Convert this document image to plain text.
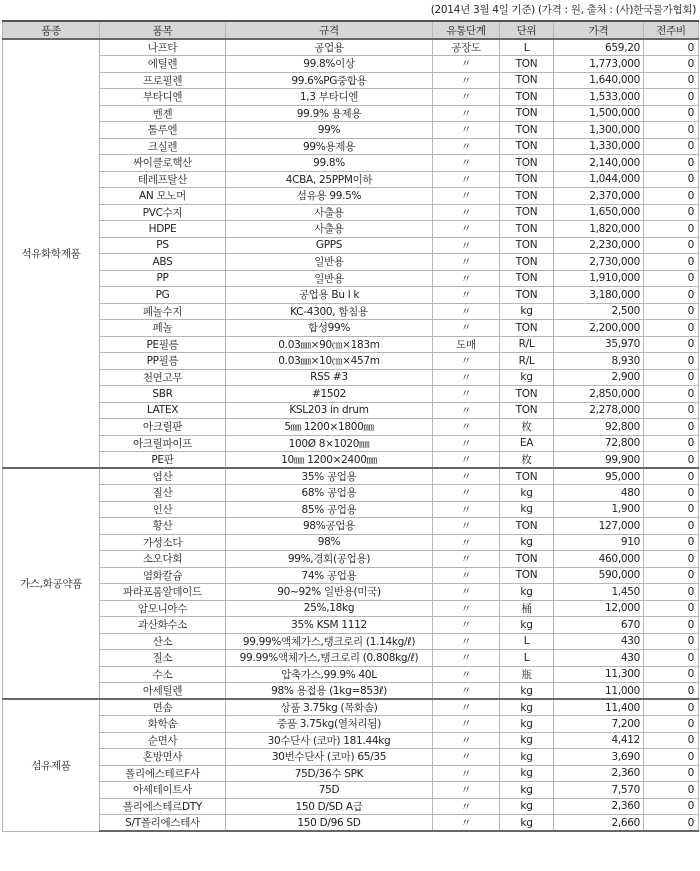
(2014년 3월 4일 기준) (가격 : 원, 출처 : (사)한국물가협회)
품종	품목	규격	유통단계	단위	가격	전주비
석유화학제품	나프타	공업용	공장도	L	659,20	0
	에틸렌	99.8%이상	〃	TON	1,773,000	0
	프로필렌	99.6%PG중합용	〃	TON	1,640,000	0
	부타디엔	1,3 부타디엔	〃	TON	1,533,000	0
	벤젠	99.9% 용제용	〃	TON	1,500,000	0
	톨루엔	99%	〃	TON	1,300,000	0
	크실렌	99%용제용	〃	TON	1,330,000	0
	싸이클로핵산	99.8%	〃	TON	2,140,000	0
	테레프탈산	4CBA, 25PPM이하	〃	TON	1,044,000	0
	AN 모노머	섬유용 99.5%	〃	TON	2,370,000	0
	PVC수지	사출용	〃	TON	1,650,000	0
	HDPE	사출용	〃	TON	1,820,000	0
	PS	GPPS	〃	TON	2,230,000	0
	ABS	일반용	〃	TON	2,730,000	0
	PP	일반용	〃	TON	1,910,000	0
	PG	공업용 Bu l k	〃	TON	3,180,000	0
	페놀수지	KC-4300, 함침용	〃	kg	2,500	0
	페놀	합성99%	〃	TON	2,200,000	0
	PE필름	0.03㎜×90㎝×183m	도매	R/L	35,970	0
	PP필름	0.03㎜×10㎝×457m	〃	R/L	8,930	0
	천연고무	RSS #3	〃	kg	2,900	0
	SBR	#1502	〃	TON	2,850,000	0
	LATEX	KSL203 in drum	〃	TON	2,278,000	0
	아크릴판	5㎜ 1200×1800㎜	〃	枚	92,800	0
	아크릴파이프	100Ø 8×1020㎜	〃	EA	72,800	0
	PE판	10㎜ 1200×2400㎜	〃	枚	99,900	0
가스,화공약품	염산	35% 공업용	〃	TON	95,000	0
	질산	68% 공업용	〃	kg	480	0
	인산	85% 공업용	〃	kg	1,900	0
	황산	98%공업용	〃	TON	127,000	0
	가성소다	98%	〃	kg	910	0
	소오다회	99%,경회(공업용)	〃	TON	460,000	0
	염화칼슘	74% 공업용	〃	TON	590,000	0
	파라포롬알데이드	90~92% 일반용(미국)	〃	kg	1,450	0
	암모니아수	25%,18kg	〃	桶	12,000	0
	과산화수소	35% KSM 1112	〃	kg	670	0
	산소	99.99%액체가스,탱크로리 (1.14kg/ℓ)	〃	L	430	0
	질소	99.99%액체가스,탱크로리 (0.808kg/ℓ)	〃	L	430	0
	수소	압축가스,99.9% 40L	〃	瓶	11,300	0
	아세틸렌	98% 용접용 (1kg=853ℓ)	〃	kg	11,000	0
섬유제품	면솜	상품 3.75kg (목화솜)	〃	kg	11,400	0
	화학솜	중품 3.75kg(열처리됨)	〃	kg	7,200	0
	순면사	30수단사 (코마) 181.44kg	〃	kg	4,412	0
	혼방면사	30번수단사 (코마) 65/35	〃	kg	3,690	0
	폴리에스테르F사	75D/36수 SPK	〃	kg	2,360	0
	아세테이트사	75D	〃	kg	7,570	0
	폴리에스테르DTY	150 D/SD A급	〃	kg	2,360	0
	S/T폴리에스테사	150 D/96 SD	〃	kg	2,660	0
